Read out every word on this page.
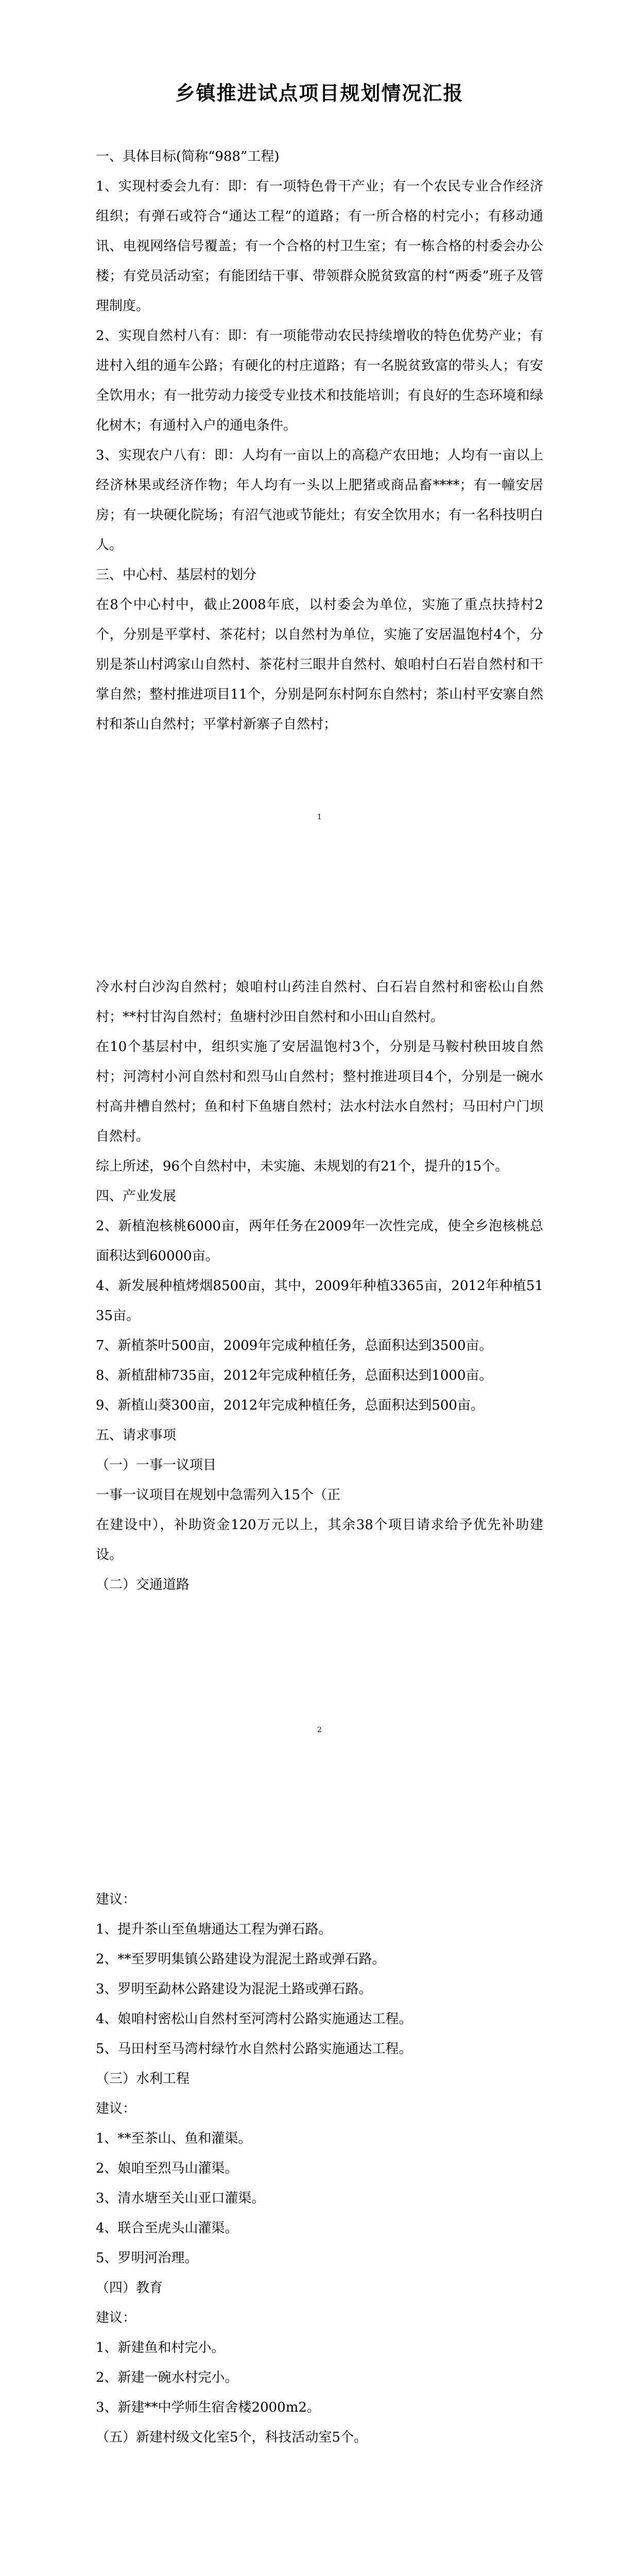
乡镇推进试点项目规划情况汇报

一、具体目标(简称“988”工程)

1、实现村委会九有：即：有一项特色骨干产业；有一个农民专业合作经济组织；有弹石或符合“通达工程”的道路；有一所合格的村完小；有移动通讯、电视网络信号覆盖；有一个合格的村卫生室；有一栋合格的村委会办公楼；有党员活动室；有能团结干事、带领群众脱贫致富的村“两委”班子及管理制度。

2、实现自然村八有：即：有一项能带动农民持续增收的特色优势产业；有进村入组的通车公路；有硬化的村庄道路；有一名脱贫致富的带头人；有安全饮用水；有一批劳动力接受专业技术和技能培训；有良好的生态环境和绿化树木；有通村入户的通电条件。

3、实现农户八有：即：人均有一亩以上的高稳产农田地；人均有一亩以上经济林果或经济作物；年人均有一头以上肥猪或商品畜****；有一幢安居房；有一块硬化院场；有沼气池或节能灶；有安全饮用水；有一名科技明白人。

三、中心村、基层村的划分

在8个中心村中，截止2008年底，以村委会为单位，实施了重点扶持村2个，分别是平掌村、茶花村；以自然村为单位，实施了安居温饱村4个，分别是茶山村鸿家山自然村、茶花村三眼井自然村、娘咱村白石岩自然村和干掌自然；整村推进项目11个，分别是阿东村阿东自然村；茶山村平安寨自然村和茶山自然村；平掌村新寨子自然村；

1

冷水村白沙沟自然村；娘咱村山药洼自然村、白石岩自然村和密松山自然村；**村甘沟自然村；鱼塘村沙田自然村和小田山自然村。

在10个基层村中，组织实施了安居温饱村3个，分别是马鞍村秧田坡自然村；河湾村小河自然村和烈马山自然村；整村推进项目4个，分别是一碗水村高井槽自然村；鱼和村下鱼塘自然村；法水村法水自然村；马田村户门坝自然村。

综上所述，96个自然村中，未实施、未规划的有21个，提升的15个。

四、产业发展

2、新植泡核桃6000亩，两年任务在2009年一次性完成，使全乡泡核桃总面积达到60000亩。

4、新发展种植烤烟8500亩，其中，2009年种植3365亩，2012年种植5135亩。

7、新植茶叶500亩，2009年完成种植任务，总面积达到3500亩。

8、新植甜柿735亩，2012年完成种植任务，总面积达到1000亩。

9、新植山葵300亩，2012年完成种植任务，总面积达到500亩。

五、请求事项

（一）一事一议项目

一事一议项目在规划中急需列入15个（正

在建设中），补助资金120万元以上，其余38个项目请求给予优先补助建设。

（二）交通道路

2

建议：

1、提升茶山至鱼塘通达工程为弹石路。

2、**至罗明集镇公路建设为混泥土路或弹石路。

3、罗明至勐林公路建设为混泥土路或弹石路。

4、娘咱村密松山自然村至河湾村公路实施通达工程。

5、马田村至马湾村绿竹水自然村公路实施通达工程。

（三）水利工程

建议：

1、**至茶山、鱼和灌渠。

2、娘咱至烈马山灌渠。

3、清水塘至关山亚口灌渠。

4、联合至虎头山灌渠。

5、罗明河治理。

（四）教育

建议：

1、新建鱼和村完小。

2、新建一碗水村完小。

3、新建**中学师生宿舍楼2000m2。

（五）新建村级文化室5个，科技活动室5个。
